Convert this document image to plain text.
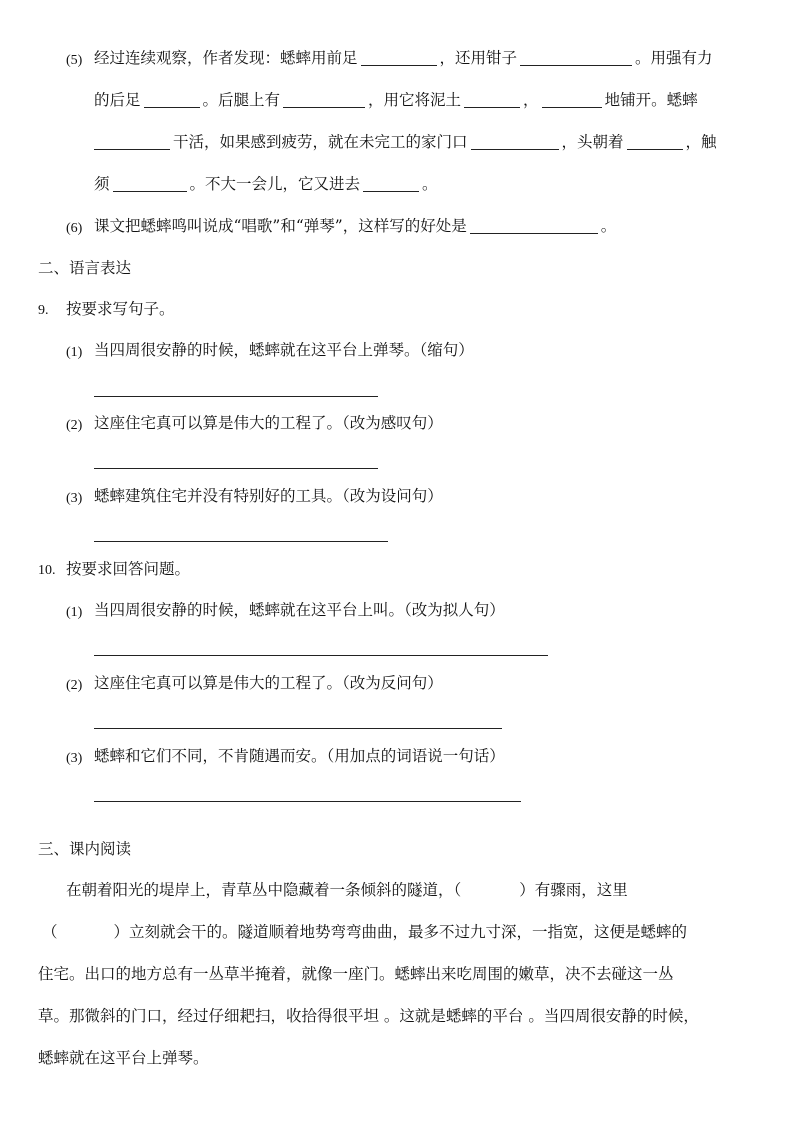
(5) 经过连续观察，作者发现：蟋蟀用前足	，还用钳子	。用强有力
的后足	。后腿上有	，用它将泥土	，	地铺开。蟋蟀
干活，如果感到疲劳，就在未完工的家门口	，头朝着	，触
须	。不大一会儿，它又进去	。
(6) 课文把蟋蟀鸣叫说成“唱歌”和“弹琴”，这样写的好处是	。
二、语言表达
9. 按要求写句子。
(1) 当四周很安静的时候，蟋蟀就在这平台上弹琴。（缩句）
(2) 这座住宅真可以算是伟大的工程了。（改为感叹句）
(3) 蟋蟀建筑住宅并没有特别好的工具。（改为设问句）
10. 按要求回答问题。
(1) 当四周很安静的时候，蟋蟀就在这平台上叫。（改为拟人句）
(2) 这座住宅真可以算是伟大的工程了。（改为反问句）
(3) 蟋蟀和它们不同，不肯随遇而安。（用加点的词语说一句话）
三、课内阅读
在朝着阳光的堤岸上，青草丛中隐藏着一条倾斜的隧道，（	）有骤雨，这里
（	）立刻就会干的。隧道顺着地势弯弯曲曲，最多不过九寸深，一指宽，这便是蟋蟀的
住宅。出口的地方总有一丛草半掩着，就像一座门。蟋蟀出来吃周围的嫩草，决不去碰这一丛
草。那微斜的门口，经过仔细耙扫，收拾得很平坦 。这就是蟋蟀的平台 。当四周很安静的时候，
蟋蟀就在这平台上弹琴。
